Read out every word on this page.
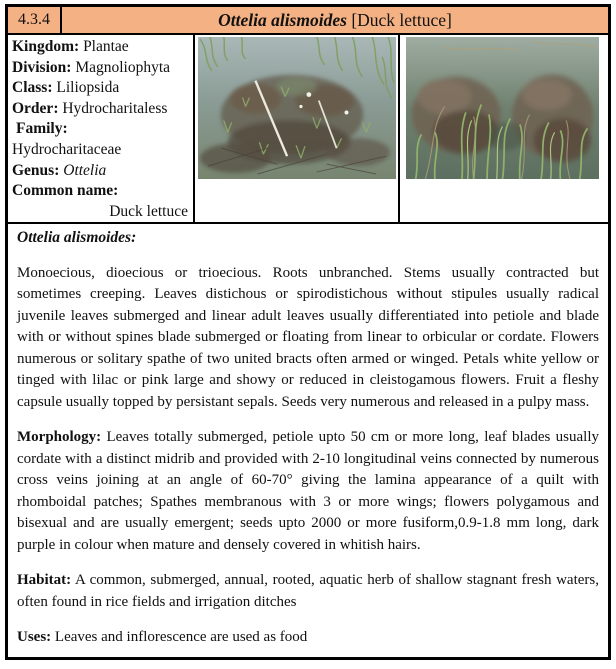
4.3.4	Ottelia alismoides [Duck lettuce]
Kingdom: Plantae
Division: Magnoliophyta
Class: Liliopsida
Order: Hydrocharitaless
Family:
Hydrocharitaceae
Genus: Ottelia
Common name:
Duck lettuce
Ottelia alismoides:

Monoecious, dioecious or trioecious. Roots unbranched. Stems usually contracted but sometimes creeping. Leaves distichous or spirodistichous without stipules usually radical juvenile leaves submerged and linear adult leaves usually differentiated into petiole and blade with or without spines blade submerged or floating from linear to orbicular or cordate. Flowers numerous or solitary spathe of two united bracts often armed or winged. Petals white yellow or tinged with lilac or pink large and showy or reduced in cleistogamous flowers. Fruit a fleshy capsule usually topped by persistant sepals. Seeds very numerous and released in a pulpy mass.

Morphology: Leaves totally submerged, petiole upto 50 cm or more long, leaf blades usually cordate with a distinct midrib and provided with 2-10 longitudinal veins connected by numerous cross veins joining at an angle of 60-70° giving the lamina appearance of a quilt with rhomboidal patches; Spathes membranous with 3 or more wings; flowers polygamous and bisexual and are usually emergent; seeds upto 2000 or more fusiform,0.9-1.8 mm long, dark purple in colour when mature and densely covered in whitish hairs.

Habitat: A common, submerged, annual, rooted, aquatic herb of shallow stagnant fresh waters, often found in rice fields and irrigation ditches

Uses: Leaves and inflorescence are used as food
